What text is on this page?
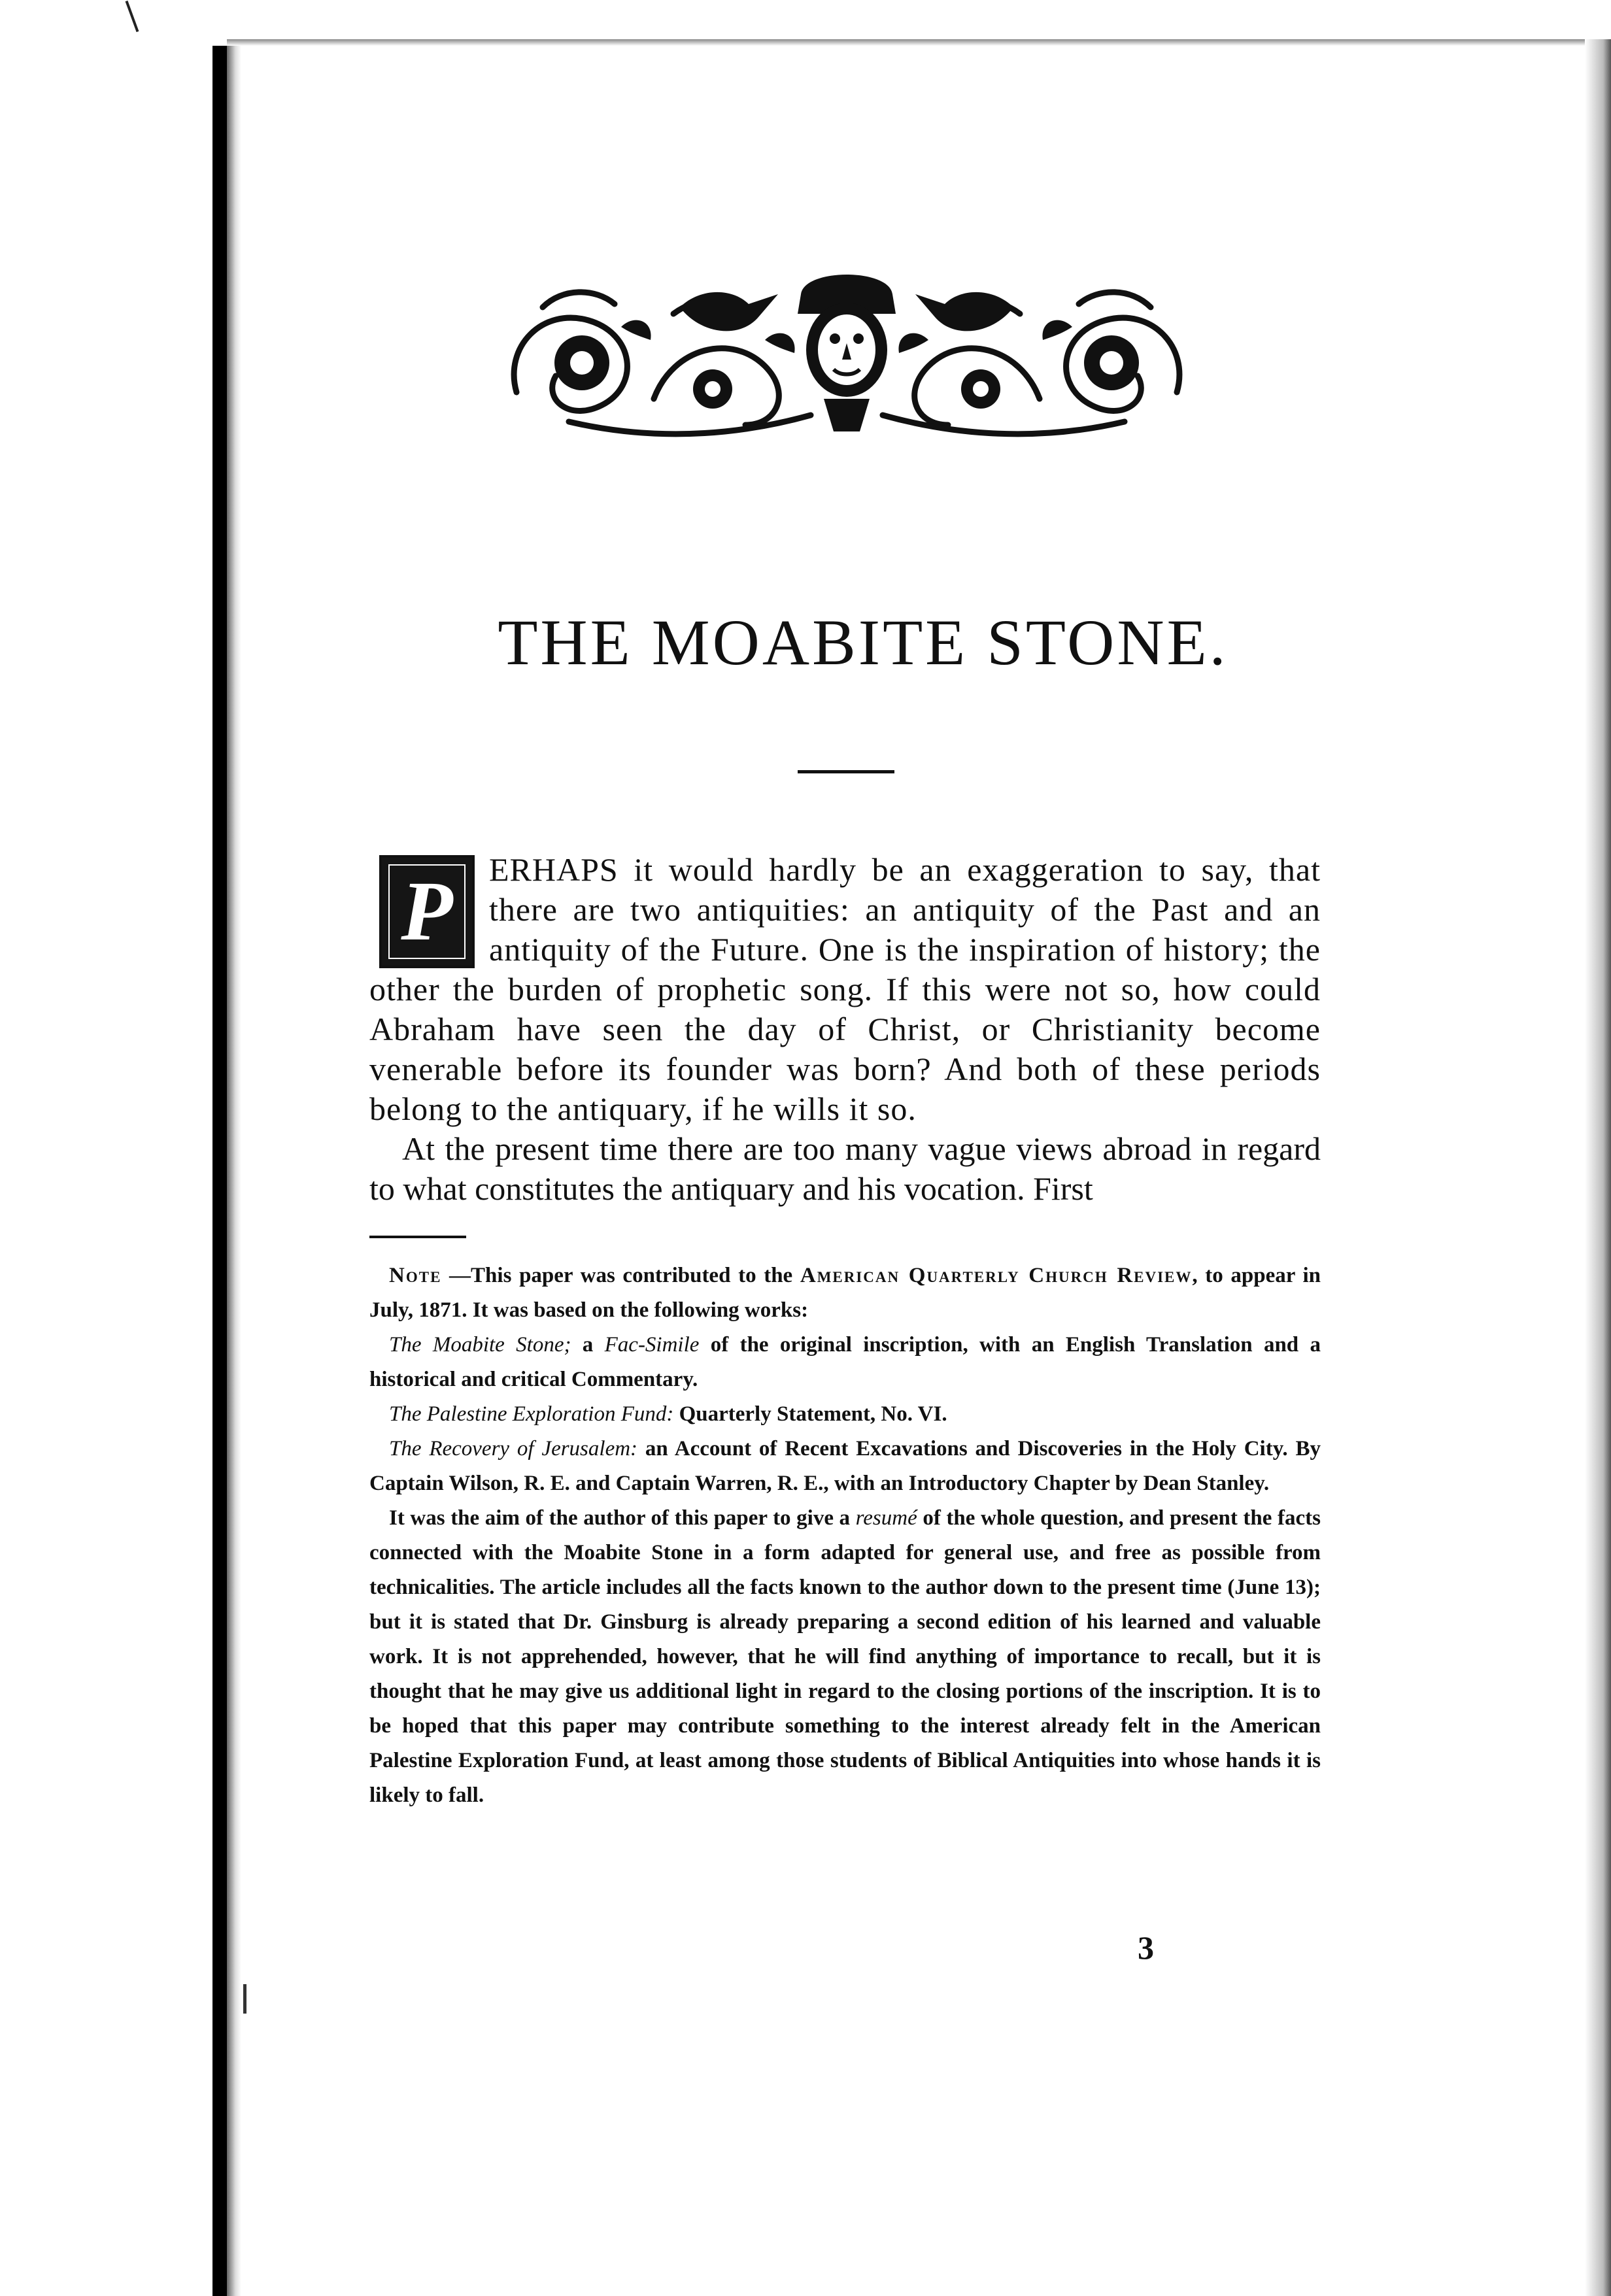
THE MOABITE STONE.

P	ERHAPS it would hardly be an exaggeration to say, that there are two antiquities: an antiquity of the Past and an antiquity of the Future. One is the inspiration of history; the other the burden of prophetic song. If this were not so, how could Abraham have seen the day of Christ, or Christianity become venerable before its founder was born? And both of these periods belong to the antiquary, if he wills it so.

At the present time there are too many vague views abroad in regard to what constitutes the antiquary and his vocation. First

Note —This paper was contributed to the American Quarterly Church Review, to appear in July, 1871. It was based on the following works:

The Moabite Stone; a Fac-Simile of the original inscription, with an English Translation and a historical and critical Commentary.

The Palestine Exploration Fund: Quarterly Statement, No. VI.

The Recovery of Jerusalem: an Account of Recent Excavations and Discoveries in the Holy City. By Captain Wilson, R. E. and Captain Warren, R. E., with an Introductory Chapter by Dean Stanley.

It was the aim of the author of this paper to give a resumé of the whole question, and present the facts connected with the Moabite Stone in a form adapted for general use, and free as possible from technicalities. The article includes all the facts known to the author down to the present time (June 13); but it is stated that Dr. Ginsburg is already preparing a second edition of his learned and valuable work. It is not apprehended, however, that he will find anything of importance to recall, but it is thought that he may give us additional light in regard to the closing portions of the inscription. It is to be hoped that this paper may contribute something to the interest already felt in the American Palestine Exploration Fund, at least among those students of Biblical Antiquities into whose hands it is likely to fall.

3
